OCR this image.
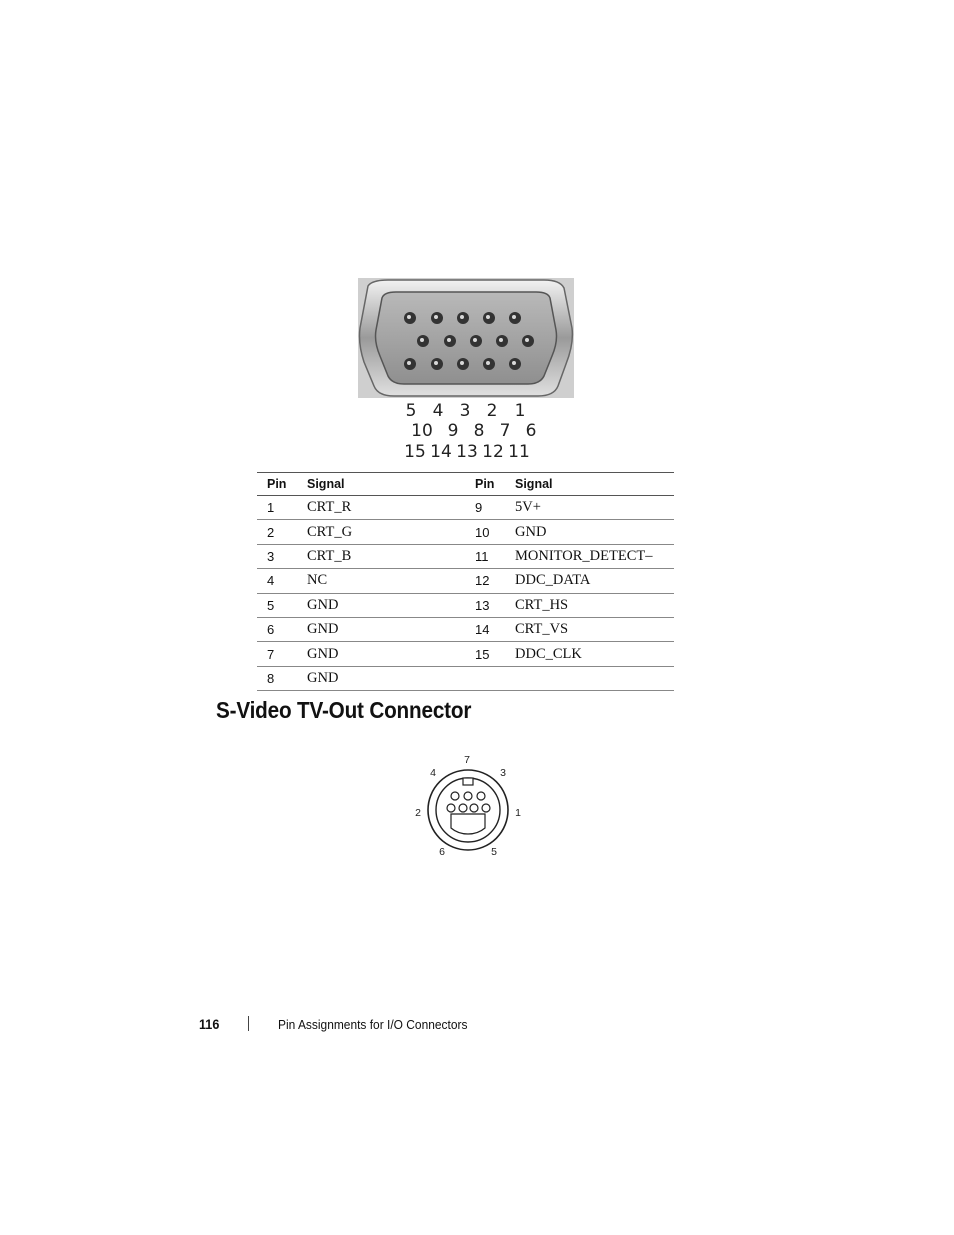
5 4 3 2 1
10 9 8 7 6
15 14 13 12 11
Pin	Signal	Pin	Signal
1	CRT_R	9	5V+
2	CRT_G	10	GND
3	CRT_B	11	MONITOR_DETECT–
4	NC	12	DDC_DATA
5	GND	13	CRT_HS
6	GND	14	CRT_VS
7	GND	15	DDC_CLK
8	GND		
S-Video TV-Out Connector
7
4	3
2	1
6	5
116	Pin Assignments for I/O Connectors
